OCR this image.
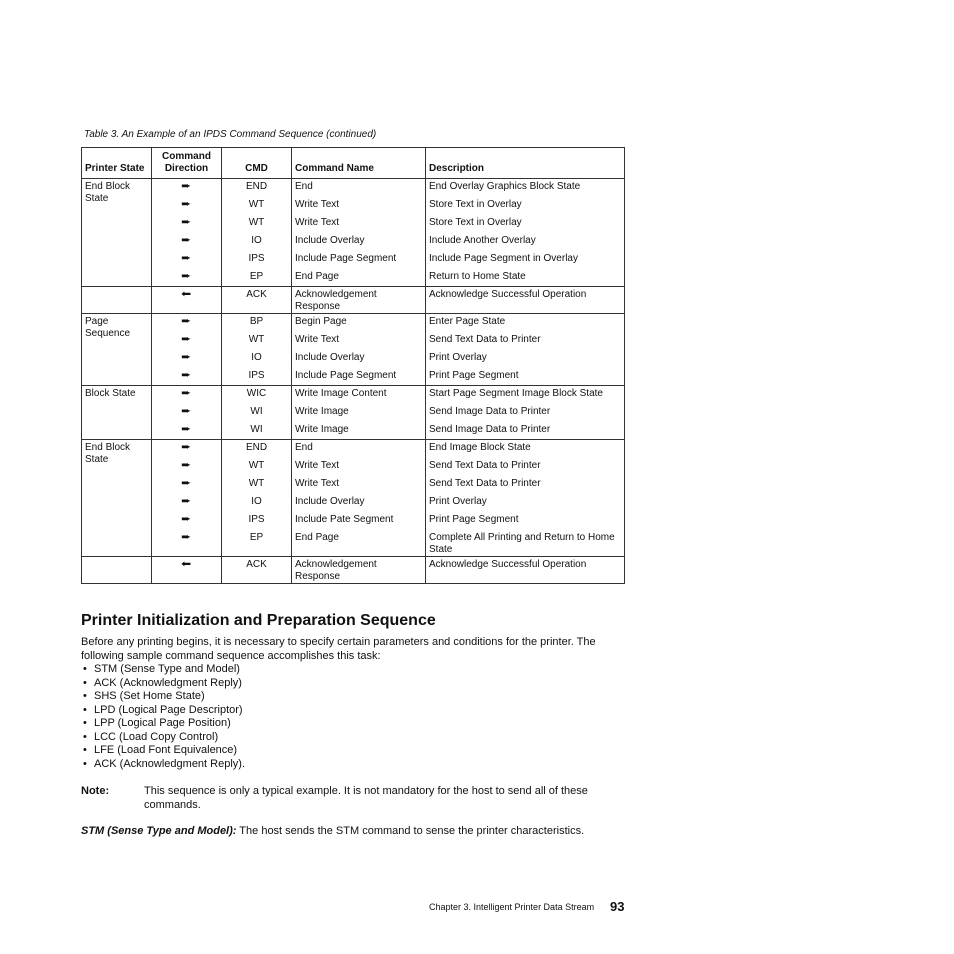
Table 3. An Example of an IPDS Command Sequence (continued)
Printer State	Command Direction	CMD	Command Name	Description
End Block State	➨	END	End	End Overlay Graphics Block State
	➨	WT	Write Text	Store Text in Overlay
	➨	WT	Write Text	Store Text in Overlay
	➨	IO	Include Overlay	Include Another Overlay
	➨	IPS	Include Page Segment	Include Page Segment in Overlay
	➨	EP	End Page	Return to Home State
	⬅	ACK	Acknowledgement Response	Acknowledge Successful Operation
Page Sequence	➨	BP	Begin Page	Enter Page State
	➨	WT	Write Text	Send Text Data to Printer
	➨	IO	Include Overlay	Print Overlay
	➨	IPS	Include Page Segment	Print Page Segment
Block State	➨	WIC	Write Image Content	Start Page Segment Image Block State
	➨	WI	Write Image	Send Image Data to Printer
	➨	WI	Write Image	Send Image Data to Printer
End Block State	➨	END	End	End Image Block State
	➨	WT	Write Text	Send Text Data to Printer
	➨	WT	Write Text	Send Text Data to Printer
	➨	IO	Include Overlay	Print Overlay
	➨	IPS	Include Pate Segment	Print Page Segment
	➨	EP	End Page	Complete All Printing and Return to Home State
	⬅	ACK	Acknowledgement Response	Acknowledge Successful Operation
Printer Initialization and Preparation Sequence

Before any printing begins, it is necessary to specify certain parameters and conditions for the printer. The following sample command sequence accomplishes this task:

• STM (Sense Type and Model)
• ACK (Acknowledgment Reply)
• SHS (Set Home State)
• LPD (Logical Page Descriptor)
• LPP (Logical Page Position)
• LCC (Load Copy Control)
• LFE (Load Font Equivalence)
• ACK (Acknowledgment Reply).
Note:	This sequence is only a typical example. It is not mandatory for the host to send all of these commands.

STM (Sense Type and Model): The host sends the STM command to sense the printer characteristics.

Chapter 3. Intelligent Printer Data Stream 93
